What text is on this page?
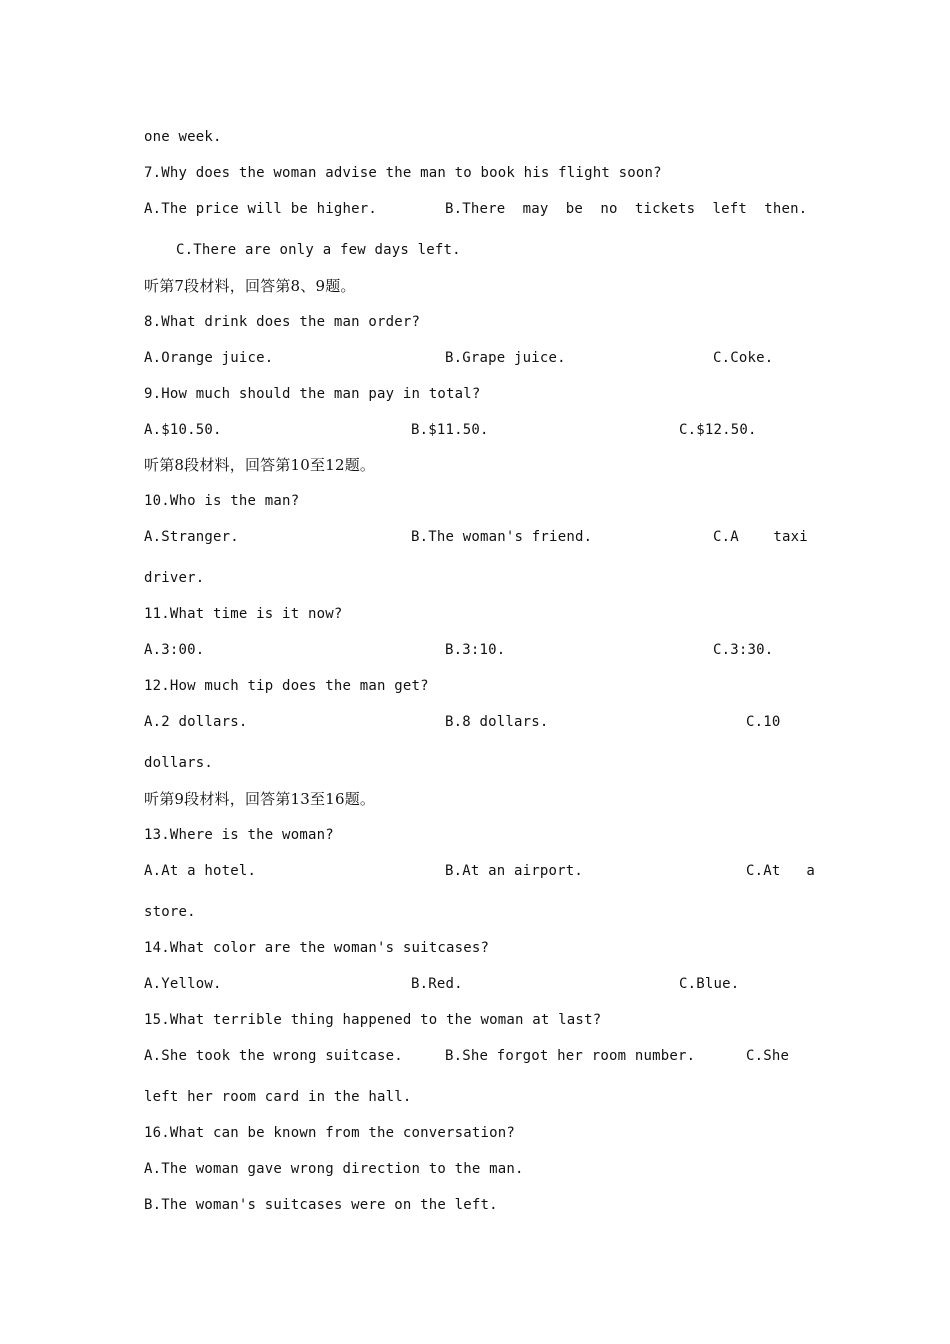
one week.
7.Why does the woman advise the man to book his flight soon?
A.The price will be higher.	B.There  may  be  no  tickets  left  then.
C.There are only a few days left.
听第7段材料，回答第8、9题。
8.What drink does the man order?
A.Orange juice.	B.Grape juice.	C.Coke.
9.How much should the man pay in total?
A.$10.50.	B.$11.50.	C.$12.50.
听第8段材料，回答第10至12题。
10.Who is the man?
A.Stranger.	B.The woman's friend.	C.A    taxi
driver.
11.What time is it now?
A.3:00.	B.3:10.	C.3:30.
12.How much tip does the man get?
A.2 dollars.	B.8 dollars.	C.10
dollars.
听第9段材料，回答第13至16题。
13.Where is the woman?
A.At a hotel.	B.At an airport.	C.At   a
store.
14.What color are the woman's suitcases?
A.Yellow.	B.Red.	C.Blue.
15.What terrible thing happened to the woman at last?
A.She took the wrong suitcase.	B.She forgot her room number.	C.She
left her room card in the hall.
16.What can be known from the conversation?
A.The woman gave wrong direction to the man.
B.The woman's suitcases were on the left.
